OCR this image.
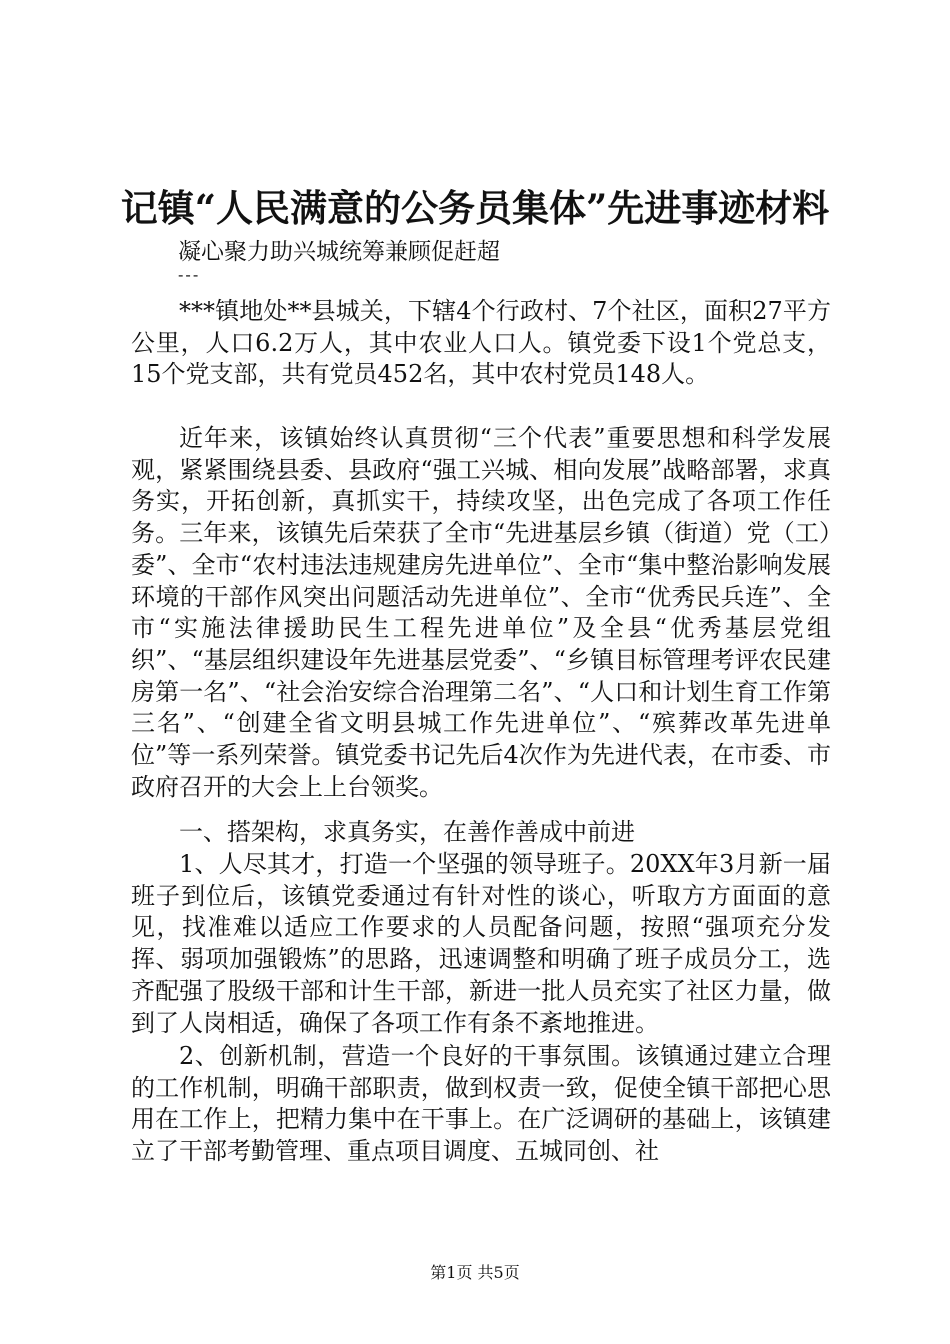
记镇“人民满意的公务员集体”先进事迹材料
凝心聚力助兴城统筹兼顾促赶超
---

***镇地处**县城关，下辖4个行政村、7个社区，面积27平方公里，人口6.2万人，其中农业人口人。镇党委下设1个党总支，15个党支部，共有党员452名，其中农村党员148人。

近年来，该镇始终认真贯彻“三个代表”重要思想和科学发展观，紧紧围绕县委、县政府“强工兴城、相向发展”战略部署，求真务实，开拓创新，真抓实干，持续攻坚，出色完成了各项工作任务。三年来，该镇先后荣获了全市“先进基层乡镇（街道）党（工）委”、全市“农村违法违规建房先进单位”、全市“集中整治影响发展环境的干部作风突出问题活动先进单位”、全市“优秀民兵连”、全市“实施法律援助民生工程先进单位”及全县“优秀基层党组织”、“基层组织建设年先进基层党委”、“乡镇目标管理考评农民建房第一名”、“社会治安综合治理第二名”、“人口和计划生育工作第三名”、“创建全省文明县城工作先进单位”、“殡葬改革先进单位”等一系列荣誉。镇党委书记先后4次作为先进代表，在市委、市政府召开的大会上上台领奖。

一、搭架构，求真务实，在善作善成中前进

1、人尽其才，打造一个坚强的领导班子。20XX年3月新一届班子到位后，该镇党委通过有针对性的谈心，听取方方面面的意见，找准难以适应工作要求的人员配备问题，按照“强项充分发挥、弱项加强锻炼”的思路，迅速调整和明确了班子成员分工，选齐配强了股级干部和计生干部，新进一批人员充实了社区力量，做到了人岗相适，确保了各项工作有条不紊地推进。

2、创新机制，营造一个良好的干事氛围。该镇通过建立合理的工作机制，明确干部职责，做到权责一致，促使全镇干部把心思用在工作上，把精力集中在干事上。在广泛调研的基础上，该镇建立了干部考勤管理、重点项目调度、五城同创、社

第1页 共5页
